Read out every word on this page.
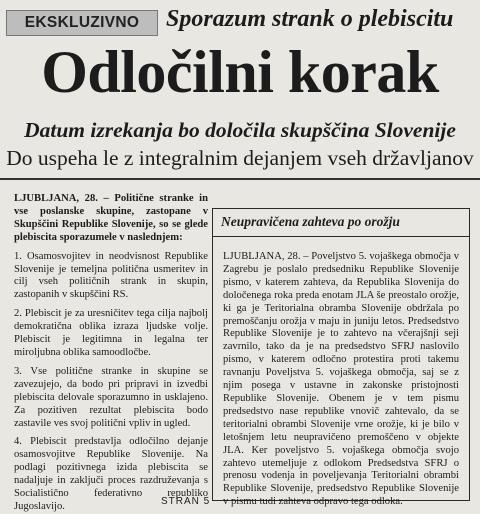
EKSKLUZIVNO Sporazum strank o plebiscitu
Odločilni korak
Datum izrekanja bo določila skupščina Slovenije
Do uspeha le z integralnim dejanjem vseh državljanov

LJUBLJANA, 28. – Politične stranke in vse poslanske skupine, zastopane v Skupščini Republike Slovenije, so se glede plebiscita sporazumele v naslednjem:

1. Osamosvojitev in neodvisnost Republike Slovenije je temeljna politična usmeritev in cilj vseh političnih strank in skupin, zastopanih v skupščini RS.

2. Plebiscit je za uresničitev tega cilja najbolj demokratična oblika izraza ljudske volje. Plebiscit je legitimna in legalna ter miroljubna oblika samoodločbe.

3. Vse politične stranke in skupine se zavezujejo, da bodo pri pripravi in izvedbi plebiscita delovale sporazumno in usklajeno. Za pozitiven rezultat plebiscita bodo zastavile ves svoj politični vpliv in ugled.

4. Plebiscit predstavlja odločilno dejanje osamosvojitve Republike Slovenije. Na podlagi pozitivnega izida plebiscita se nadaljuje in zaključi proces razdruževanja s Socialistično federativno republiko Jugoslavijo.

Neupravičena zahteva po orožju
LJUBLJANA, 28. – Poveljstvo 5. vojaškega območja v Zagrebu je poslalo predsedniku Republike Slovenije pismo, v katerem zahteva, da Republika Slovenija do določenega roka preda enotam JLA še preostalo orožje, ki ga je Teritorialna obramba Slovenije obdržala po premoščanju orožja v maju in juniju letos. Predsedstvo Republike Slovenije je to zahtevo na včerajšnji seji zavrnilo, tako da je na predsedstvo SFRJ naslovilo pismo, v katerem odločno protestira proti takemu ravnanju Poveljstva 5. vojaškega območja, saj se z njim posega v ustavne in zakonske pristojnosti Republike Slovenije. Obenem je v tem pismu predsedstvo nase republike vnovič zahtevalo, da se teritorialni obrambi Slovenije vrne orožje, ki je bilo v letošnjem letu neupravičeno premoščeno v objekte JLA. Ker poveljstvo 5. vojaškega območja svojo zahtevo utemeljuje z odlokom Predsedstva SFRJ o prenosu vodenja in poveljevanja Teritorialni obrambi Republike Slovenije, predsedstvo Republike Slovenije v pismu tudi zahteva odpravo tega odloka.
STRAN 5
